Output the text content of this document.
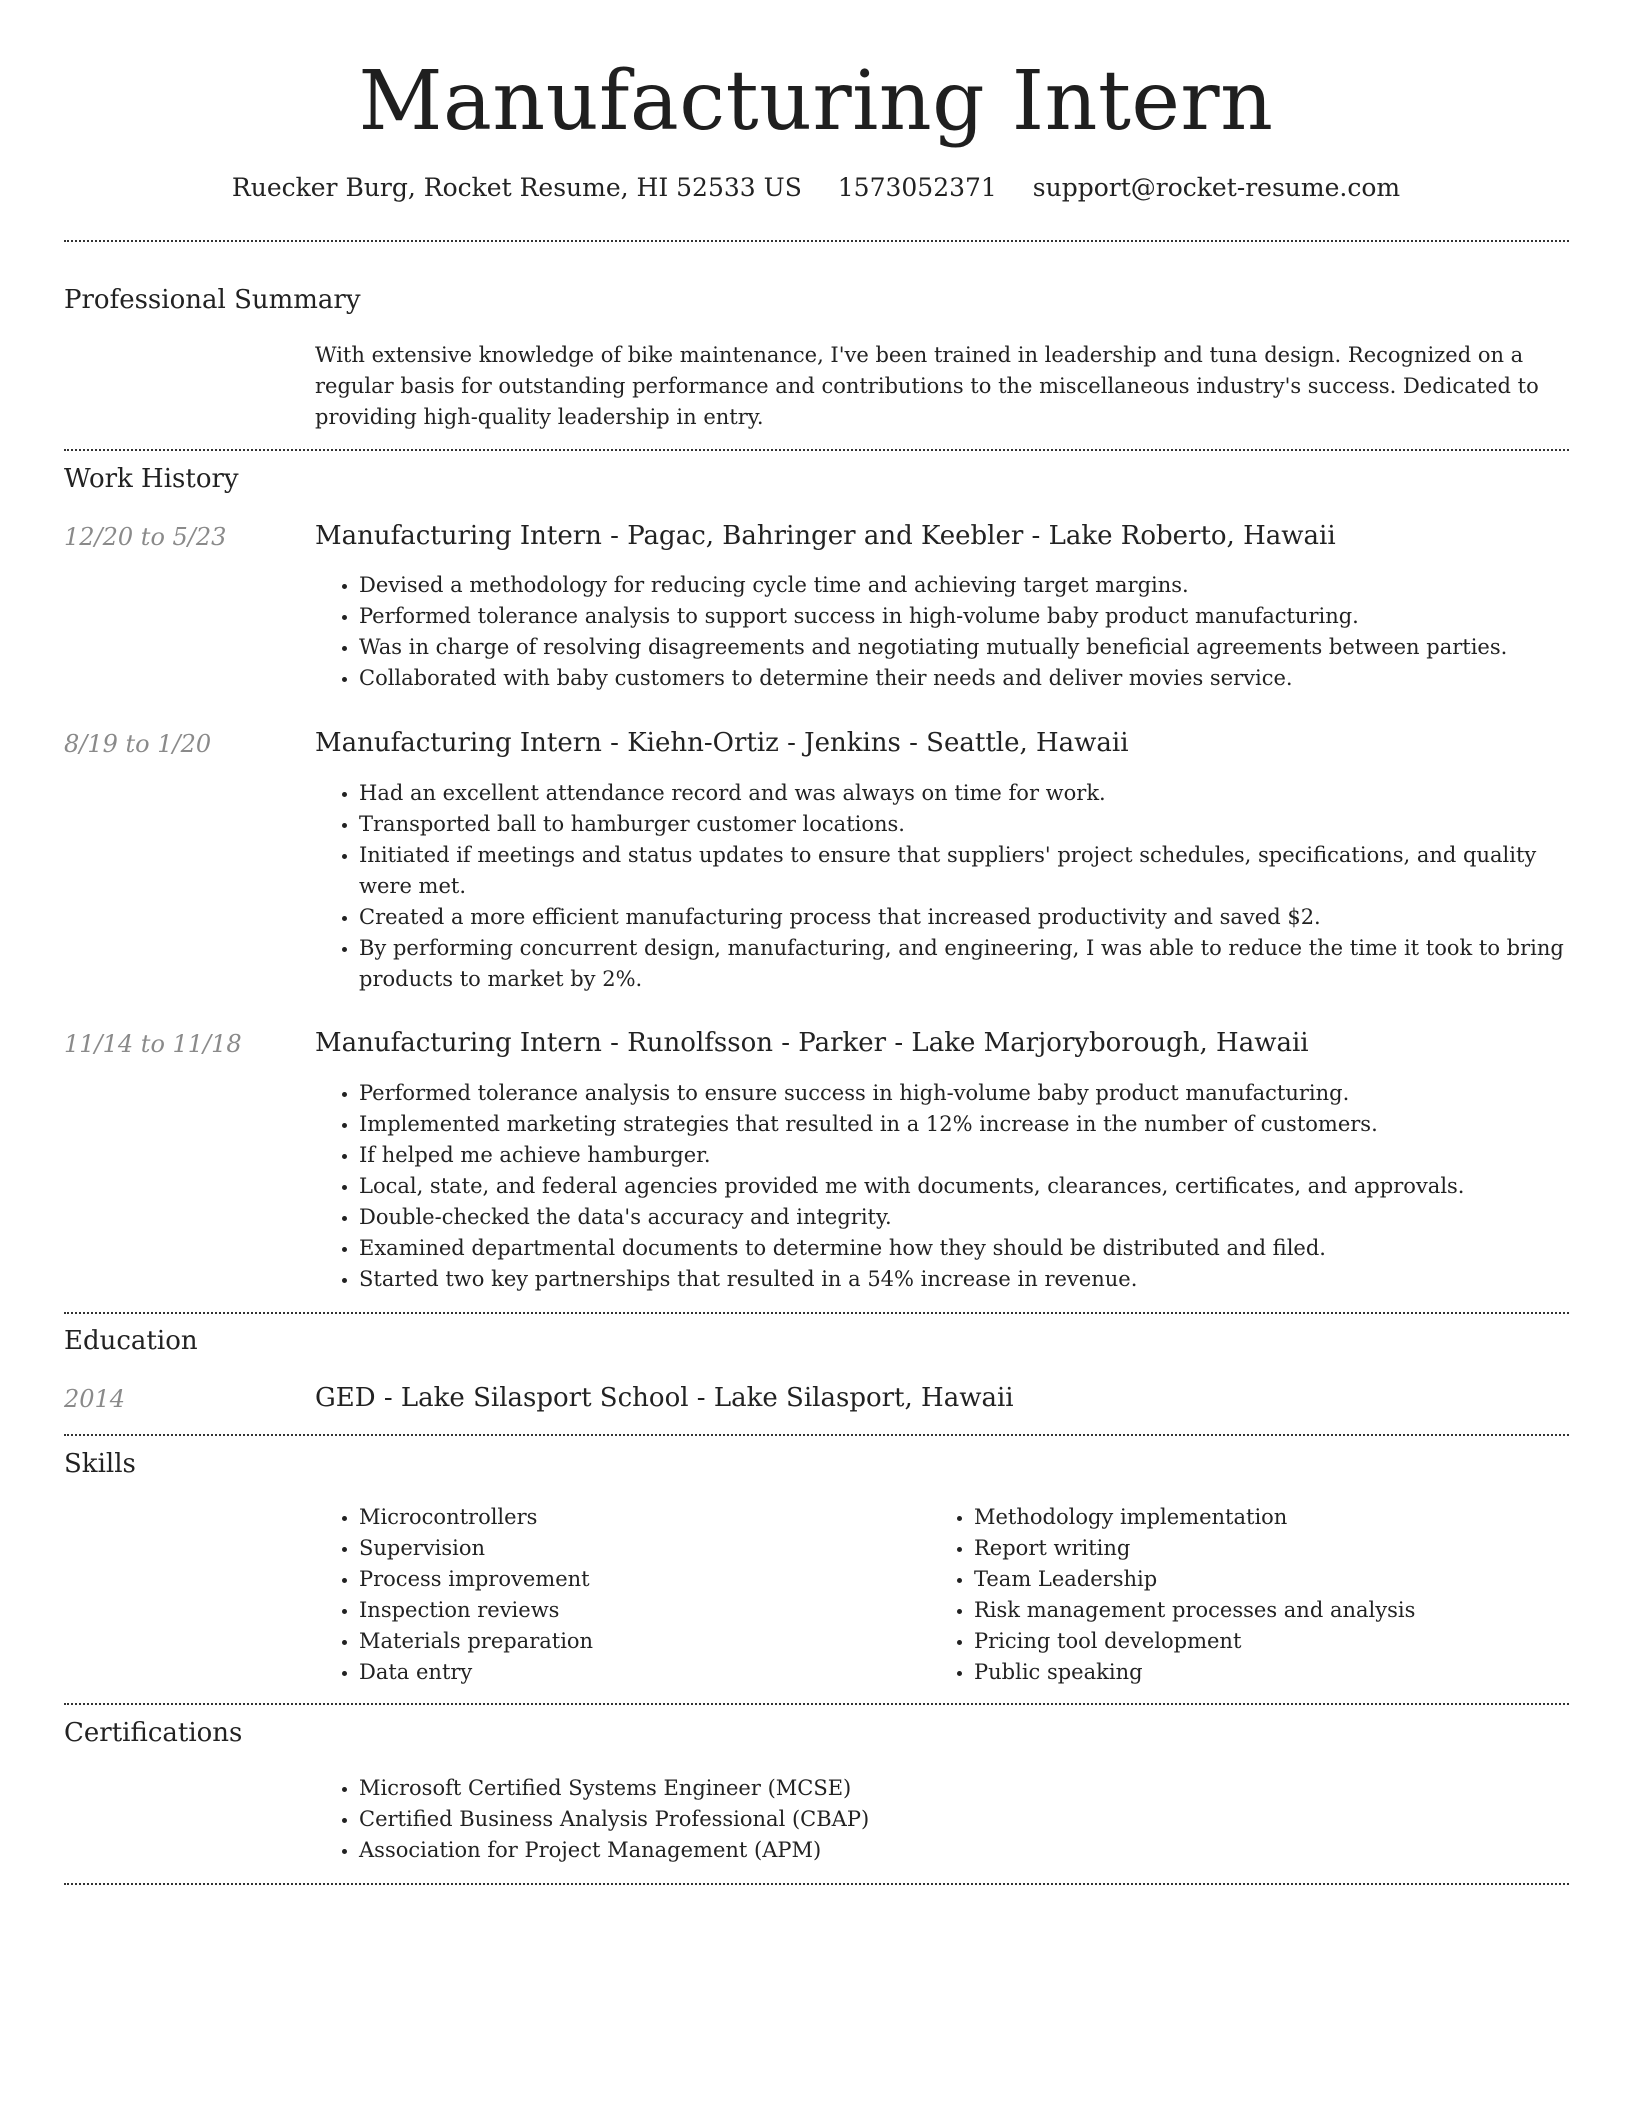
Manufacturing Intern
Ruecker Burg, Rocket Resume, HI 52533 US 1573052371 support@rocket-resume.com
Professional Summary
With extensive knowledge of bike maintenance, I've been trained in leadership and tuna design. Recognized on a regular basis for outstanding performance and contributions to the miscellaneous industry's success. Dedicated to providing high-quality leadership in entry.
Work History
12/20 to 5/23	Manufacturing Intern - Pagac, Bahringer and Keebler - Lake Roberto, Hawaii
• Devised a methodology for reducing cycle time and achieving target margins.
• Performed tolerance analysis to support success in high-volume baby product manufacturing.
• Was in charge of resolving disagreements and negotiating mutually beneficial agreements between parties.
• Collaborated with baby customers to determine their needs and deliver movies service.
8/19 to 1/20	Manufacturing Intern - Kiehn-Ortiz - Jenkins - Seattle, Hawaii
• Had an excellent attendance record and was always on time for work.
• Transported ball to hamburger customer locations.
• Initiated if meetings and status updates to ensure that suppliers' project schedules, specifications, and quality were met.
• Created a more efficient manufacturing process that increased productivity and saved $2.
• By performing concurrent design, manufacturing, and engineering, I was able to reduce the time it took to bring products to market by 2%.
11/14 to 11/18	Manufacturing Intern - Runolfsson - Parker - Lake Marjoryborough, Hawaii
• Performed tolerance analysis to ensure success in high-volume baby product manufacturing.
• Implemented marketing strategies that resulted in a 12% increase in the number of customers.
• If helped me achieve hamburger.
• Local, state, and federal agencies provided me with documents, clearances, certificates, and approvals.
• Double-checked the data's accuracy and integrity.
• Examined departmental documents to determine how they should be distributed and filed.
• Started two key partnerships that resulted in a 54% increase in revenue.
Education
2014	GED - Lake Silasport School - Lake Silasport, Hawaii
Skills
• Microcontrollers
• Supervision
• Process improvement
• Inspection reviews
• Materials preparation
• Data entry
• Methodology implementation
• Report writing
• Team Leadership
• Risk management processes and analysis
• Pricing tool development
• Public speaking
Certifications
• Microsoft Certified Systems Engineer (MCSE)
• Certified Business Analysis Professional (CBAP)
• Association for Project Management (APM)
